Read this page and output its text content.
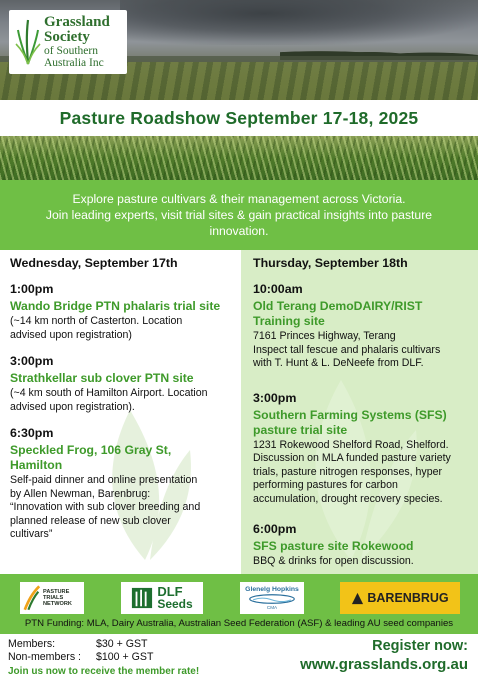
Grassland
Society
of Southern
Australia Inc
Pasture Roadshow September 17-18, 2025
Explore pasture cultivars & their management across Victoria.
Join leading experts, visit trial sites & gain practical insights into pasture
innovation.
Wednesday, September 17th
1:00pm
Wando Bridge PTN phalaris trial site
(~14 km north of Casterton. Location
advised upon registration)
3:00pm
Strathkellar sub clover PTN site
(~4 km south of Hamilton Airport. Location
advised upon registration).
6:30pm
Speckled Frog, 106 Gray St,
Hamilton
Self-paid dinner and online presentation
by Allen Newman, Barenbrug:
“Innovation with sub clover breeding and
planned release of new sub clover
cultivars”
Thursday, September 18th
10:00am
Old Terang DemoDAIRY/RIST
Training site
7161 Princes Highway, Terang
Inspect tall fescue and phalaris cultivars
with T. Hunt & L. DeNeefe from DLF.
3:00pm
Southern Farming Systems (SFS)
pasture trial site
1231 Rokewood Shelford Road, Shelford.
Discussion on MLA funded pasture variety
trials, pasture nitrogen responses, hyper
performing pastures for carbon
accumulation, drought recovery species.
6:00pm
SFS pasture site Rokewood
BBQ & drinks for open discussion.
PASTURE
TRIALS
NETWORK
DLF
Seeds
Glenelg Hopkins
CMA
BARENBRUG
PTN Funding: MLA, Dairy Australia, Australian Seed Federation (ASF) & leading AU seed companies
Members:	$30 + GST
Non-members :	$100 + GST
Join us now to receive the member rate!
Register now:
www.grasslands.org.au
